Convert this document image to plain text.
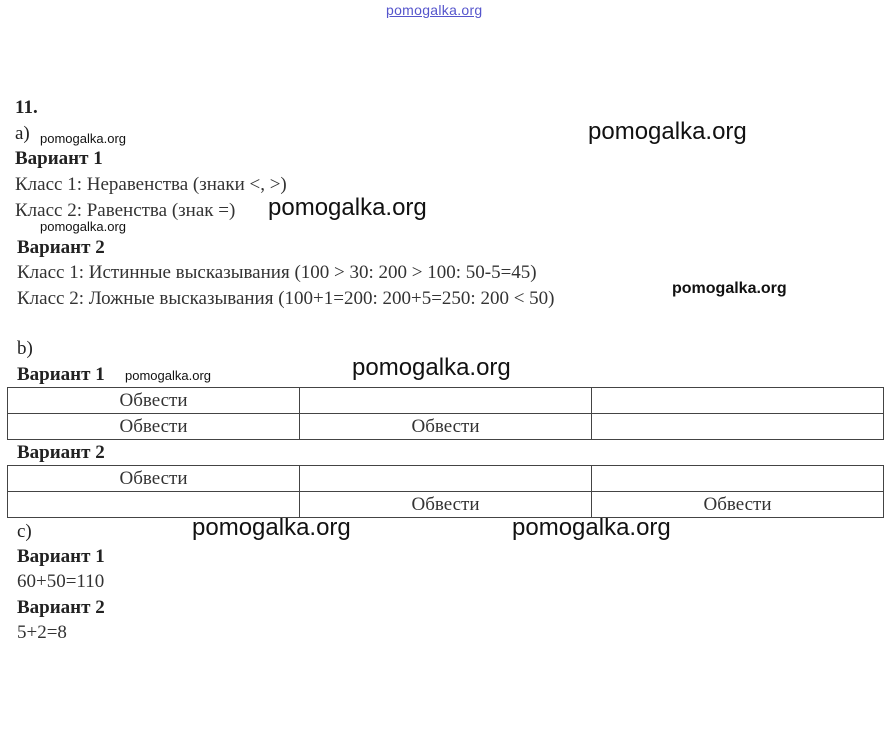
pomogalka.org
pomogalka.org
pomogalka.org
pomogalka.org
pomogalka.org
pomogalka.org
pomogalka.org
pomogalka.org
pomogalka.org	pomogalka.org
11.
a)
Вариант 1
Класс 1: Неравенства (знаки <, >)
Класс 2: Равенства (знак =)
Вариант 2
Класс 1: Истинные высказывания (100 > 30: 200 > 100: 50-5=45)
Класс 2: Ложные высказывания (100+1=200: 200+5=250: 200 < 50)
b)
Вариант 1
Обвести		
Обвести	Обвести	
Вариант 2
Обвести		
	Обвести	Обвести
c)
Вариант 1
60+50=110
Вариант 2
5+2=8
